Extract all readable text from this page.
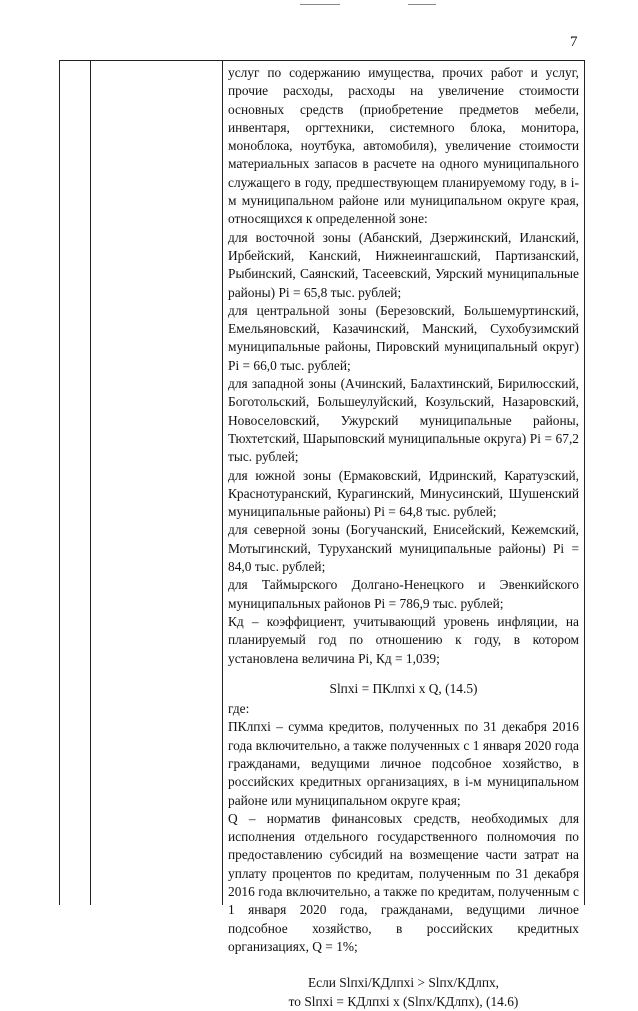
7

услуг по содержанию имущества, прочих работ и услуг, прочие расходы, расходы на увеличение стоимости основных средств (приобретение предметов мебели, инвентаря, оргтехники, системного блока, монитора, моноблока, ноутбука, автомобиля), увеличение стоимости материальных запасов в расчете на одного муниципального служащего в году, предшествующем планируемому году, в i-м муниципальном районе или муниципальном округе края, относящихся к определенной зоне:

для восточной зоны (Абанский, Дзержинский, Иланский, Ирбейский, Канский, Нижнеингашский, Партизанский, Рыбинский, Саянский, Тасеевский, Уярский муниципальные районы) Pi = 65,8 тыс. рублей;

для центральной зоны (Березовский, Большемуртинский, Емельяновский, Казачинский, Манский, Сухобузимский муниципальные районы, Пировский муниципальный округ) Pi = 66,0 тыс. рублей;

для западной зоны (Ачинский, Балахтинский, Бирилюсский, Боготольский, Большеулуйский, Козульский, Назаровский, Новоселовский, Ужурский муниципальные районы, Тюхтетский, Шарыповский муниципальные округа) Pi = 67,2 тыс. рублей;

для южной зоны (Ермаковский, Идринский, Каратузский, Краснотуранский, Курагинский, Минусинский, Шушенский муниципальные районы) Pi = 64,8 тыс. рублей;

для северной зоны (Богучанский, Енисейский, Кежемский, Мотыгинский, Туруханский муниципальные районы) Pi = 84,0 тыс. рублей;

для Таймырского Долгано-Ненецкого и Эвенкийского муниципальных районов Pi = 786,9 тыс. рублей;

Кд – коэффициент, учитывающий уровень инфляции, на планируемый год по отношению к году, в котором установлена величина Pi, Кд = 1,039;

Slпxi = ПКлпxi x Q, (14.5)

где:

ПКлпxi – сумма кредитов, полученных по 31 декабря 2016 года включительно, а также полученных с 1 января 2020 года гражданами, ведущими личное подсобное хозяйство, в российских кредитных организациях, в i-м муниципальном районе или муниципальном округе края;

Q – норматив финансовых средств, необходимых для исполнения отдельного государственного полномочия по предоставлению субсидий на возмещение части затрат на уплату процентов по кредитам, полученным по 31 декабря 2016 года включительно, а также по кредитам, полученным с 1 января 2020 года, гражданами, ведущими личное подсобное хозяйство, в российских кредитных организациях, Q = 1%;

Если Slпxi/КДлпxi > Slпx/КДлпx,

то Slпxi = КДлпxi x (Slпx/КДлпx), (14.6)
